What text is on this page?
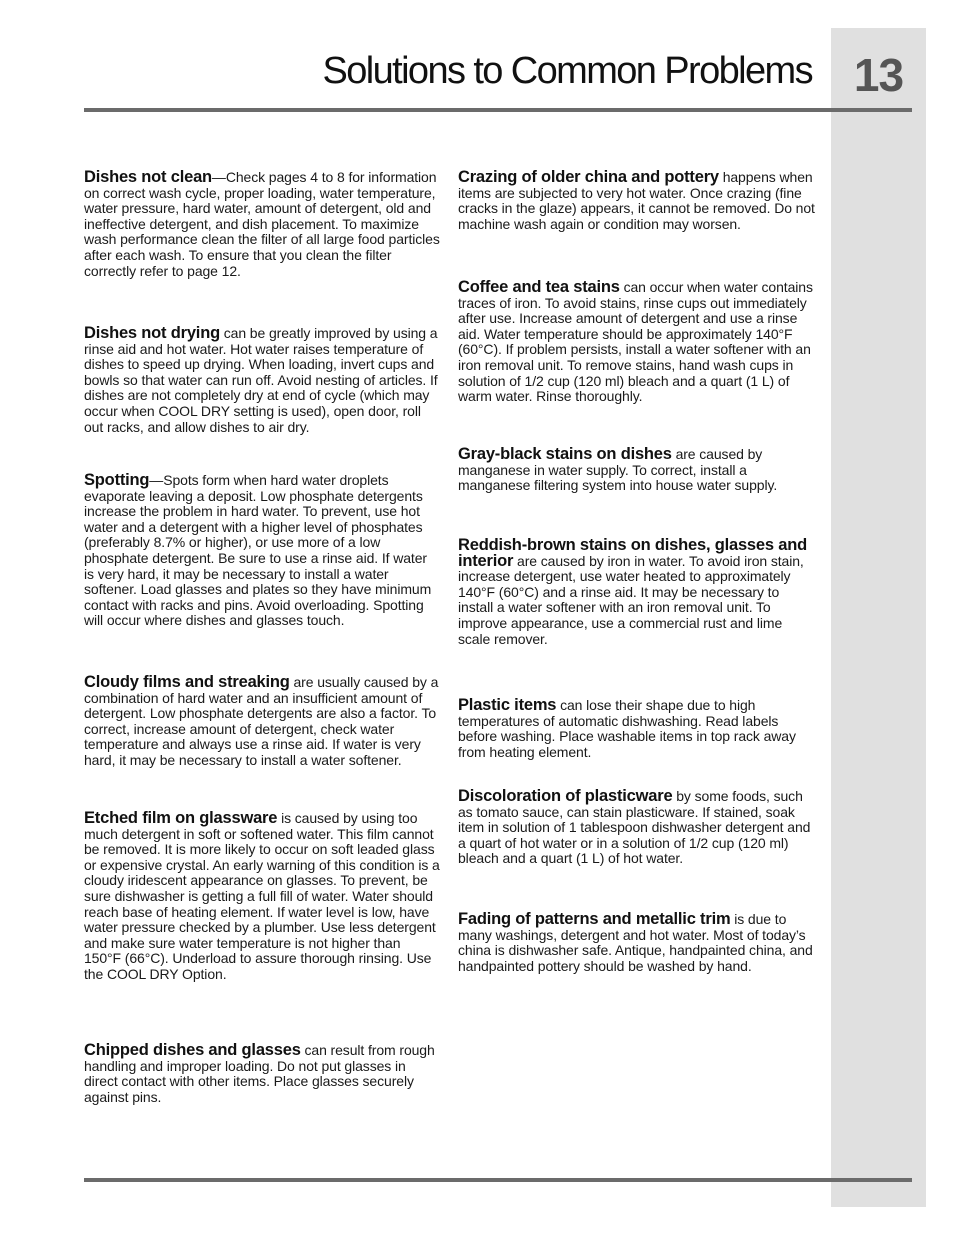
13
Solutions to Common Problems

Dishes not clean—Check pages 4 to 8 for information on correct wash cycle, proper loading, water temperature, water pressure, hard water, amount of detergent, old and ineffective detergent, and dish placement. To maximize wash performance clean the filter of all large food particles after each wash. To ensure that you clean the filter correctly refer to page 12.

Dishes not drying can be greatly improved by using a rinse aid and hot water. Hot water raises temperature of dishes to speed up drying. When loading, invert cups and bowls so that water can run off. Avoid nesting of articles. If dishes are not completely dry at end of cycle (which may occur when COOL DRY setting is used), open door, roll out racks, and allow dishes to air dry.

Spotting—Spots form when hard water droplets evaporate leaving a deposit. Low phosphate detergents increase the problem in hard water. To prevent, use hot water and a detergent with a higher level of phosphates (preferably 8.7% or higher), or use more of a low phosphate detergent. Be sure to use a rinse aid. If water is very hard, it may be necessary to install a water softener. Load glasses and plates so they have minimum contact with racks and pins. Avoid overloading. Spotting will occur where dishes and glasses touch.

Cloudy films and streaking are usually caused by a combination of hard water and an insufficient amount of detergent. Low phosphate detergents are also a factor. To correct, increase amount of detergent, check water temperature and always use a rinse aid. If water is very hard, it may be necessary to install a water softener.

Etched film on glassware is caused by using too much detergent in soft or softened water. This film cannot be removed. It is more likely to occur on soft leaded glass or expensive crystal. An early warning of this condition is a cloudy iridescent appearance on glasses. To prevent, be sure dishwasher is getting a full fill of water. Water should reach base of heating element. If water level is low, have water pressure checked by a plumber. Use less detergent and make sure water temperature is not higher than 150°F (66°C). Underload to assure thorough rinsing. Use the COOL DRY Option.

Chipped dishes and glasses can result from rough handling and improper loading. Do not put glasses in direct contact with other items. Place glasses securely against pins.

Crazing of older china and pottery happens when items are subjected to very hot water. Once crazing (fine cracks in the glaze) appears, it cannot be removed. Do not machine wash again or condition may worsen.

Coffee and tea stains can occur when water contains traces of iron. To avoid stains, rinse cups out immediately after use. Increase amount of detergent and use a rinse aid. Water temperature should be approximately 140°F (60°C). If problem persists, install a water softener with an iron removal unit. To remove stains, hand wash cups in solution of 1/2 cup (120 ml) bleach and a quart (1 L) of warm water. Rinse thoroughly.

Gray-black stains on dishes are caused by manganese in water supply. To correct, install a manganese filtering system into house water supply.

Reddish-brown stains on dishes, glasses and interior are caused by iron in water. To avoid iron stain, increase detergent, use water heated to approximately 140°F (60°C) and a rinse aid. It may be necessary to install a water softener with an iron removal unit. To improve appearance, use a commercial rust and lime scale remover.

Plastic items can lose their shape due to high temperatures of automatic dishwashing. Read labels before washing. Place washable items in top rack away from heating element.

Discoloration of plasticware by some foods, such as tomato sauce, can stain plasticware. If stained, soak item in solution of 1 tablespoon dishwasher detergent and a quart of hot water or in a solution of 1/2 cup (120 ml) bleach and a quart (1 L) of hot water.

Fading of patterns and metallic trim is due to many washings, detergent and hot water. Most of today’s china is dishwasher safe. Antique, handpainted china, and handpainted pottery should be washed by hand.
